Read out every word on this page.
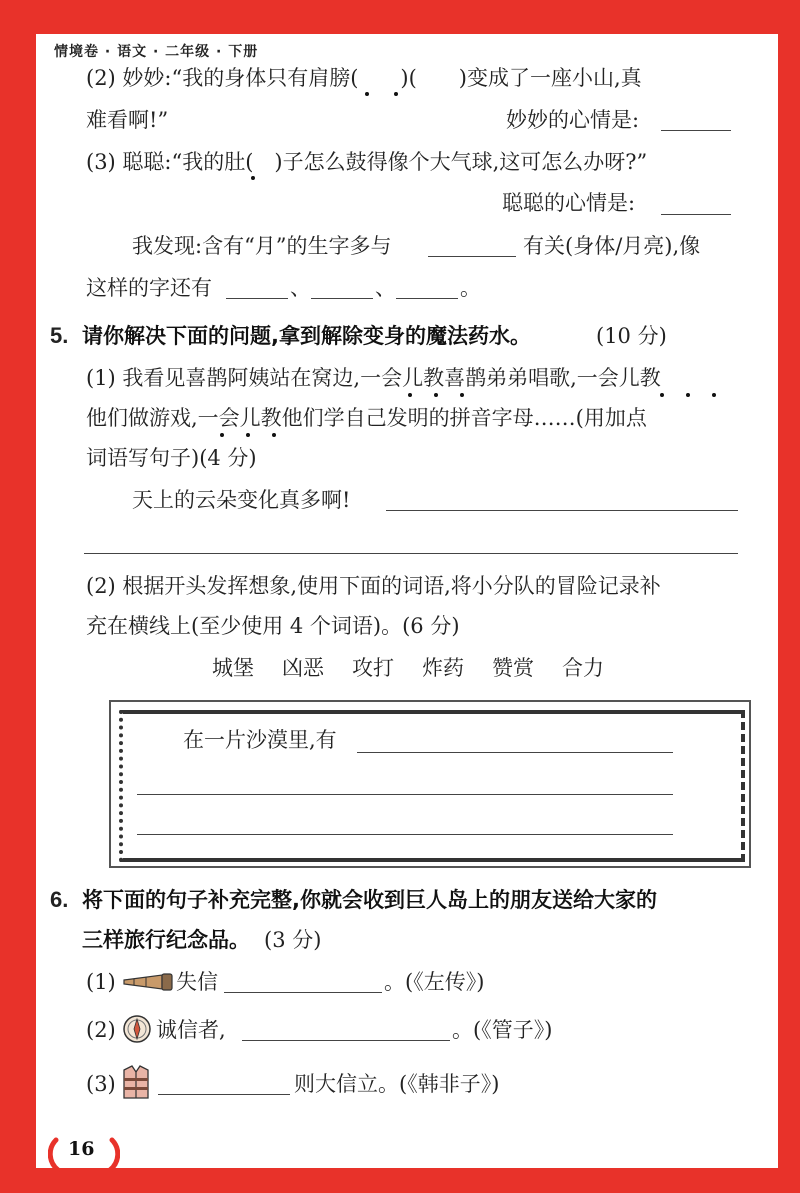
情境卷 · 语文 · 二年级 · 下册
(2) 妙妙:“我的身体只有肩膀(　　)(　　)变成了一座小山,真
难看啊!”	妙妙的心情是:
(3) 聪聪:“我的肚(　)子怎么鼓得像个大气球,这可怎么办呀?”
聪聪的心情是:
我发现:含有“月”的生字多与	有关(身体/月亮),像
这样的字还有	、	、	。
5. 请你解决下面的问题,拿到解除变身的魔法药水。	(10 分)
(1) 我看见喜鹊阿姨站在窝边,一会儿教喜鹊弟弟唱歌,一会儿教
他们做游戏,一会儿教他们学自己发明的拼音字母……(用加点
词语写句子)(4 分)
天上的云朵变化真多啊!
(2) 根据开头发挥想象,使用下面的词语,将小分队的冒险记录补
充在横线上(至少使用 4 个词语)。(6 分)
城堡 凶恶 攻打 炸药 赞赏 合力
在一片沙漠里,有
6. 将下面的句子补充完整,你就会收到巨人岛上的朋友送给大家的
三样旅行纪念品。 (3 分)
(1)	失信	。(《左传》)
(2) 诚信者,	。(《管子》)
(3)	则大信立。(《韩非子》)
16
